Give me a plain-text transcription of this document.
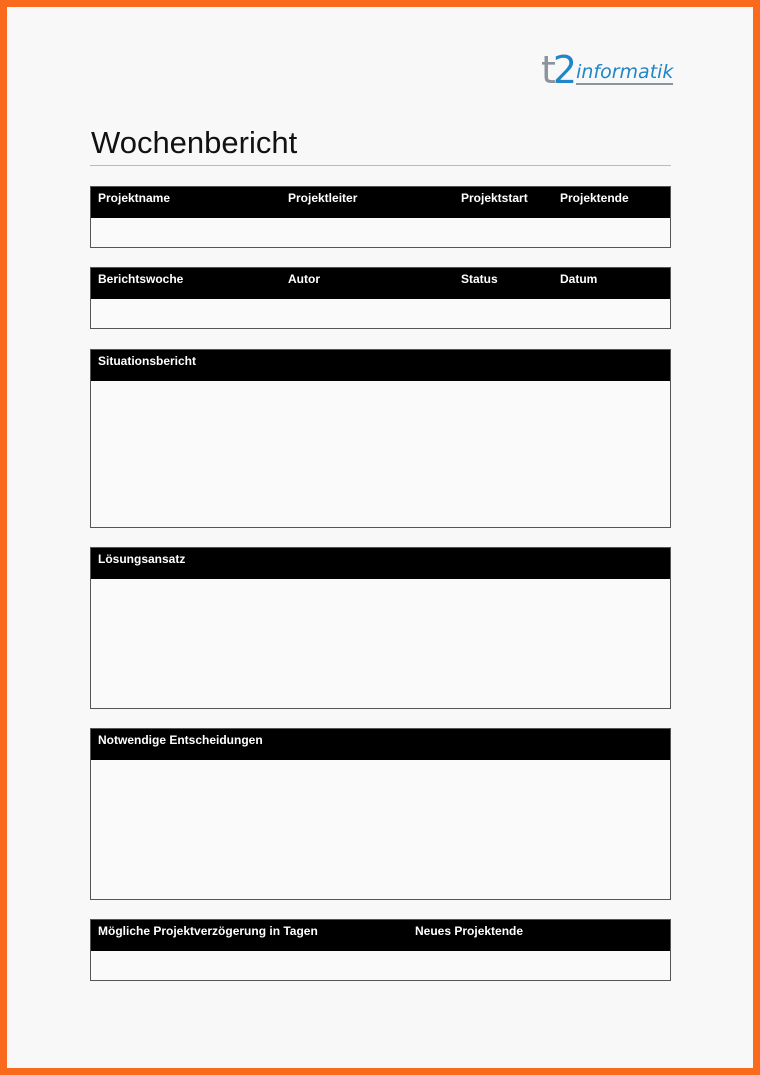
t2 informatik
Wochenbericht
Projektname	Projektleiter	Projektstart	Projektende
Berichtswoche	Autor	Status	Datum
Situationsbericht
Lösungsansatz
Notwendige Entscheidungen
Mögliche Projektverzögerung in Tagen	Neues Projektende
